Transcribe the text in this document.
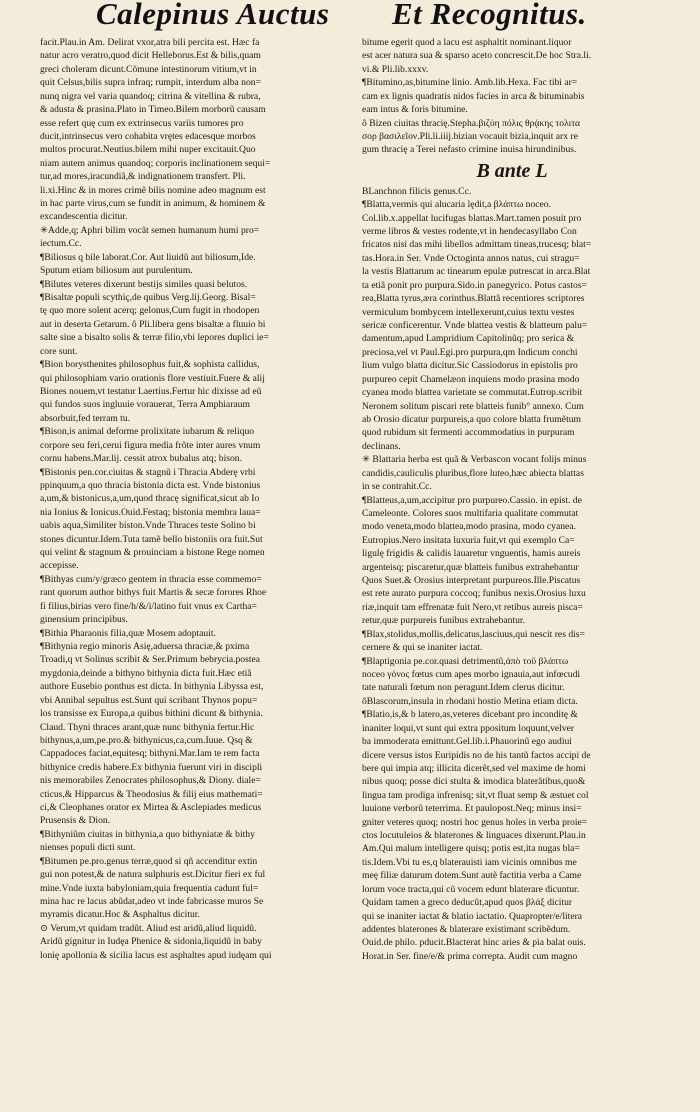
Calepinus Auctus	Et Recognitus.
facit.Plau.in Am. Delirat vxor,atra bili percita est. Hæc fa
natur acro veratro,quod dicit Helleborus.Est & bilis,quam
greci choleram dicunt.Cõmune intestinorum vitium,vt in
quit Celsus,bilis supra infraq; rumpit, interdum alba non=
nunq nigra vel varia quandoq; citrina & vitellina & rubra,
& adusta & prasina.Plato in Timeo.Bilem morborũ causam
esse refert quę cum ex extrinsecus variis tumores pro
ducit,intrinsecus vero cohabita vrętes edacesque morbos
multos procurat.Neutius.bilem mihi nuper excitauit.Quo
niam autem animus quandoq; corporis inclinationem sequi=
tur,ad mores,iracundiã,& indignationem transfert. Pli.
li.xi.Hinc & in mores crimẽ bilis nomine adeo magnum est
in hac parte virus,cum se fundit in animum, & hominem &
excandescentia dicitur.
✳Adde,q; Aphri bilim vocãt semen humanum humi pro=
iectum.Cc.
¶Biliosus q bile laborat.Cor. Aut liuidũ aut biliosum,Ide.
Sputum etiam biliosum aut purulentum.
¶Bilutes veteres dixerunt bestijs similes quasi belutos.
¶Bisaltæ populi scythiç,de quibus Verg.lij.Georg. Bisal=
tę quo more solent acerq; gelonus,Cum fugit in rhodopen
aut in deserta Getarum. ô Pli.libera gens bisaltæ a fluuio bi
salte siue a bisalto solis & terræ filio,vbi lepores duplici ie=
core sunt.
¶Bion borysthenites philosophus fuit,& sophista callidus,
qui philosophiam vario orationis flore vestiuit.Fuere & alij
Biones nouem,vt testatur Laertius.Fertur hic dixisse ad eũ
qui fundos suos ingluuie vorauerat, Terra Amphiaraum
absorbuit,fed terram tu.
¶Bison,is animal deforme prolixitate iubarum & reliquo
corpore seu feri,cerui figura media frõte inter aures vnum
cornu habens.Mar.lij. cessit atrox bubalus atq; bison.
¶Bistonis pen.cor.ciuitas & stagnũ i Thracia Abderę vrbi
ppinquum,a quo thracia bistonia dicta est. Vnde bistonius
a,um,& bistonicus,a,um,quod thracę significat,sicut ab Io
nia Ionius & Ionicus.Ouid.Festaq; bistonia membra laua=
uabis aqua,Similiter biston.Vnde Thraces teste Solino bi
stones dicuntur.Idem.Tuta tamẽ bello bistoniis ora fuit.Sut
qui velint & stagnum & prouinciam a bistone Rege nomen
accepisse.
¶Bithyas cum/y/græco gentem in thracia esse commemo=
rant quorum author bithys fuit Martis & secæ forores Rhoe
fi filius,birias vero fine/h/&/i/latino fuit vnus ex Cartha=
ginensium principibus.
¶Bithia Pharaonis filia,quæ Mosem adoptauit.
¶Bithynia regio minoris Asię,aduersa thraciæ,& pxima
Troadi,q vt Solinus scribit & Ser.Primum bebrycia.postea
mygdonia,deinde a bithyno bithynia dicta fuit.Hæc etiã
authore Eusebio ponthus est dicta. In bithynia Libyssa est,
vbi Annibal sepultus est.Sunt qui scribant Thynos popu=
los transisse ex Europa,a quibus bithini dicunt & bithynia.
Claud. Thyni thraces arant,quæ nunc bithynia fertur.Hic
bithynus,a,um,pe.pro.& bithynicus,ca,cum.Iuue. Qsq &
Cappadoces faciat,equitesq; bithyni.Mar.Iam te rem facta
bithynice credis habere.Ex bithynia fuerunt viri in discipli
nis memorabiles Zenocrates philosophus,& Diony. diale=
cticus,& Hipparcus & Theodosius & filij eius mathemati=
ci,& Cleophanes orator ex Mirtea & Asclepiades medicus
Prusensis & Dion.
¶Bithyniũm ciuitas in bithynia,a quo bithyniatæ & bithy
nienses populi dicti sunt.
¶Bitumen pe.pro.genus terræ,quod si qñ accenditur extin
gui non potest,& de natura sulphuris est.Dicitur fieri ex ful
mine.Vnde iuxta babyloniam,quia frequentia cadunt ful=
mina hac re lacus abũdat,adeo vt inde fabricasse muros Se
myramis dicatur.Hoc & Asphaltus dicitur.
⊙ Verum,vt quidam tradũt. Aliud est aridũ,aliud liquidũ.
Aridũ gignitur in Iudęa Phenice & sidonia,liquidũ in baby
lonię apollonia & sicilia lacus est asphaltes apud iudęam qui
bitume egerit quod a lacu est asphaltit nominant.liquor
est acer natura sua & sparso aceto concrescit.De hoc Stra.li.
vi.& Pli.lib.xxxv.
¶Bitumino,as,bitumine linio. Amb.lib.Hexa. Fac tibi ar=
cam ex lignis quadratis nidos facies in arca & bituminabis
eam intus & foris bitumine.
ô Bizen ciuitas thracię.Stepha.βιζύη πόλις θρᾴκης τολιτα
σορ βασιλεῖον.Pli.li.iiij.bizian vocauit bizia,inquit arx re
gum thracię a Terei nefasto crimine inuisa hirundinibus.
B ante L
BLanchnon filicis genus.Cc.
¶Blatta,vermis qui alucaria lędit,a βλάπτω noceo.
Col.lib.x.appellat lucifugas blattas.Mart.tamen posuit pro
verme libros & vestes rodente,vt in hendecasyllabo Con
fricatos nisi das mihi libellos admittam tineas,trucesq; blat=
tas.Hora.in Ser. Vnde Octoginta annos natus, cui stragu=
la vestis Blattarum ac tinearum epulæ putrescat in arca.Blat
ta etiã ponit pro purpura.Sido.in panegyrico. Potus castos=
rea,Blatta tyrus,æra corinthus.Blattã recentiores scriptores
vermiculum bombycem intellexerunt,cuius textu vestes
sericæ conficerentur. Vnde blattea vestis & blatteum palu=
damentum,apud Lampridium Capitolinũq; pro serica &
preciosa,vel vt Paul.Egi.pro purpura,qm Indicum conchi
lium vulgo blatta dicitur.Sic Cassiodorus in epistolis pro
purpureo cepit Chamelæon inquiens modo prasina modo
cyanea modo blattea varietate se commutat.Eutrop.scribit
Neronem solitum piscari rete blatteis funib° annexo. Cum
ab Orosio dicatur purpureis,a quo colore blatta frumẽtum
quod rubidum sit fermenti accommodatius in purpuram
declinans.
✳ Blattaria herba est quã & Verbascon vocant folijs minus
candidis,cauliculis pluribus,flore luteo,hæc abiecta blattas
in se contrahit.Cc.
¶Blatteus,a,um,accipitur pro purpureo.Cassio. in epist. de
Cameleonte. Colores suos multifaria qualitate commutat
modo veneta,modo blattea,modo prasina, modo cyanea.
Eutropius.Nero insitata luxuria fuit,vt qui exemplo Ca=
ligulę frigidis & calidis lauaretur vnguentis, hamis aureis
argenteisq; piscaretur,quæ blatteis funibus extrahebantur
Quos Suet.& Orosius interpretant purpureos.Ille.Piscatus
est rete aurato purpura coccoq; funibus nexis.Orosius luxu
riæ,inquit tam effrenatæ fuit Nero,vt retibus aureis pisca=
retur,quæ purpureis funibus extrahebantur.
¶Blax,stolidus,mollis,delicatus,lasciuus,qui nescit res dis=
cernere & qui se inaniter iactat.
¶Blaptigonia pe.cor.quasi detrimentũ,ἀπὸ τοῦ βλάπτω
noceo γόνος fœtus cum apes morbo ignauia,aut infœcudi
tate naturali fœtum non peragunt.Idem clerus dicitur.
ôBlascorum,insula in rhodani hostio Metina etiam dicta.
¶Blatio,is,& b latero,as,veteres dicebant pro inconditę &
inaniter loqui,vt sunt qui extra ppositum loquunt,velver
ba immoderata emittunt.Gel.lib.i.Phauorinũ ego audiui
dicere versus istos Euripidis no de his tantũ factos accipi de
bere qui impia atq; illicita dicerẽt,sed vel maxime de homi
nibus quoq; posse dici stulta & imodica blaterãtibus,quo&
lingua tam prodiga infrenisq; sit,vt fluat semp & æstuet col
luuione verborũ teterrima. Et paulopost.Neq; minus insi=
gniter veteres quoq; nostri hoc genus hoĩes in verba proie=
ctos locutuleios & blaterones & linguaces dixerunt.Plau.in
Am.Qui malum intelligere quisq; potis est,ita nugas bla=
tis.Idem.Vbi tu es,q blaterauisti iam vicinis omnibus me
meę filiæ daturum dotem.Sunt autẽ factitia verba a Came
lorum voce tracta,qui cũ vocem edunt blaterare dicuntur.
Quidam tamen a greco deducũt,apud quos βλάξ dicitur
qui se inaniter iactat & blatio iactatio. Quapropter/e/litera
addentes blaterones & blaterare existimant scribẽdum.
Ouid.de philo. pducit.Blacterat hinc aries & pia balat ouis.
Horat.in Ser. fine/e/& prima correpta. Audit cum magno
